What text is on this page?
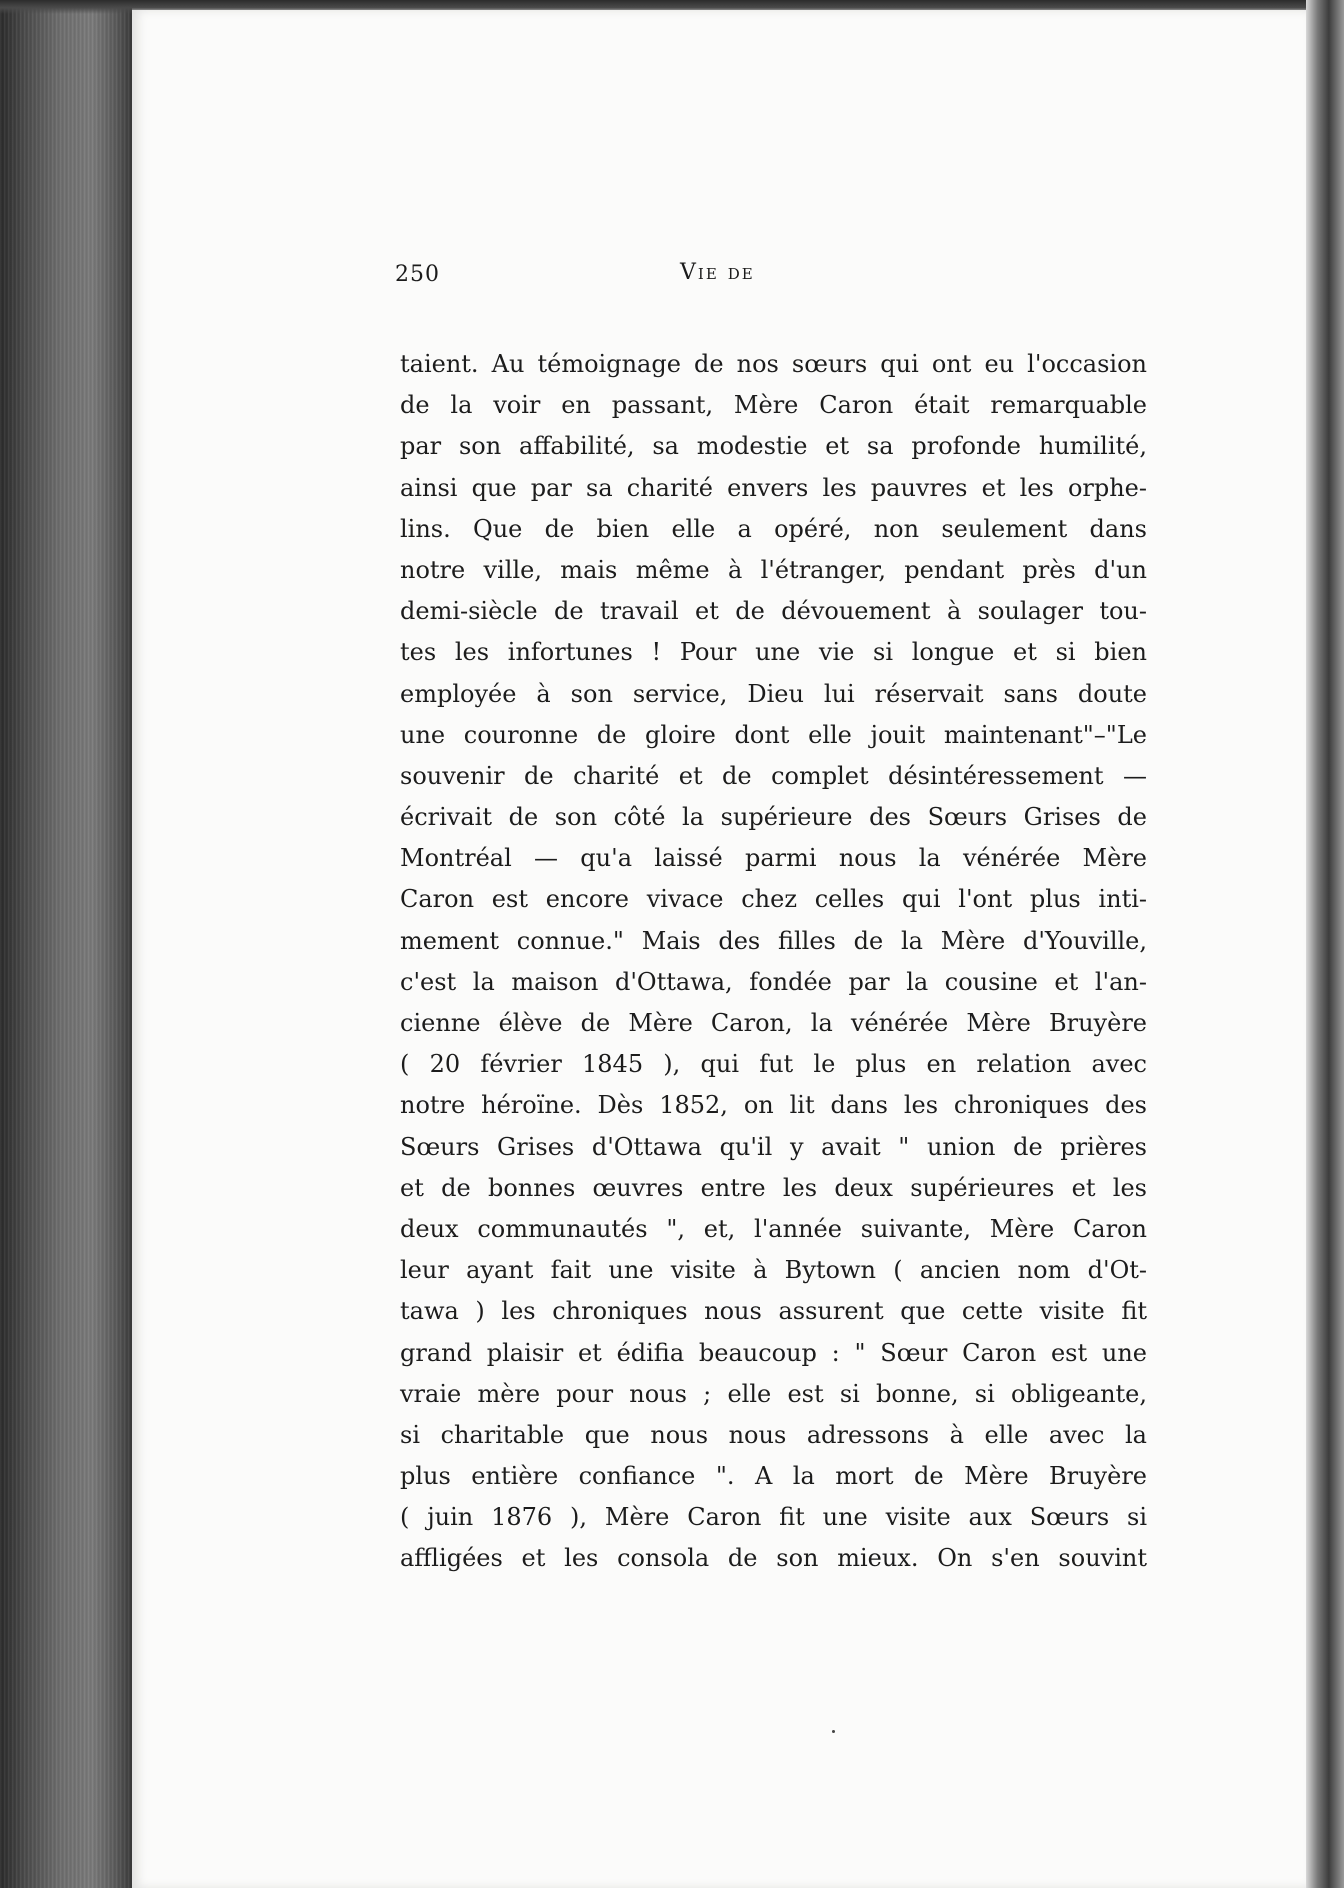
250	Vie de
taient. Au témoignage de nos sœurs qui ont eu l'occasion
de la voir en passant, Mère Caron était remarquable
par son affabilité, sa modestie et sa profonde humilité,
ainsi que par sa charité envers les pauvres et les orphe-
lins. Que de bien elle a opéré, non seulement dans
notre ville, mais même à l'étranger, pendant près d'un
demi-siècle de travail et de dévouement à soulager tou-
tes les infortunes ! Pour une vie si longue et si bien
employée à son service, Dieu lui réservait sans doute
une couronne de gloire dont elle jouit maintenant"–"Le
souvenir de charité et de complet désintéressement —
écrivait de son côté la supérieure des Sœurs Grises de
Montréal — qu'a laissé parmi nous la vénérée Mère
Caron est encore vivace chez celles qui l'ont plus inti-
mement connue." Mais des filles de la Mère d'Youville,
c'est la maison d'Ottawa, fondée par la cousine et l'an-
cienne élève de Mère Caron, la vénérée Mère Bruyère
( 20 février 1845 ), qui fut le plus en relation avec
notre héroïne. Dès 1852, on lit dans les chroniques des
Sœurs Grises d'Ottawa qu'il y avait " union de prières
et de bonnes œuvres entre les deux supérieures et les
deux communautés ", et, l'année suivante, Mère Caron
leur ayant fait une visite à Bytown ( ancien nom d'Ot-
tawa ) les chroniques nous assurent que cette visite fit
grand plaisir et édifia beaucoup : " Sœur Caron est une
vraie mère pour nous ; elle est si bonne, si obligeante,
si charitable que nous nous adressons à elle avec la
plus entière confiance ". A la mort de Mère Bruyère
( juin 1876 ), Mère Caron fit une visite aux Sœurs si
affligées et les consola de son mieux. On s'en souvint
